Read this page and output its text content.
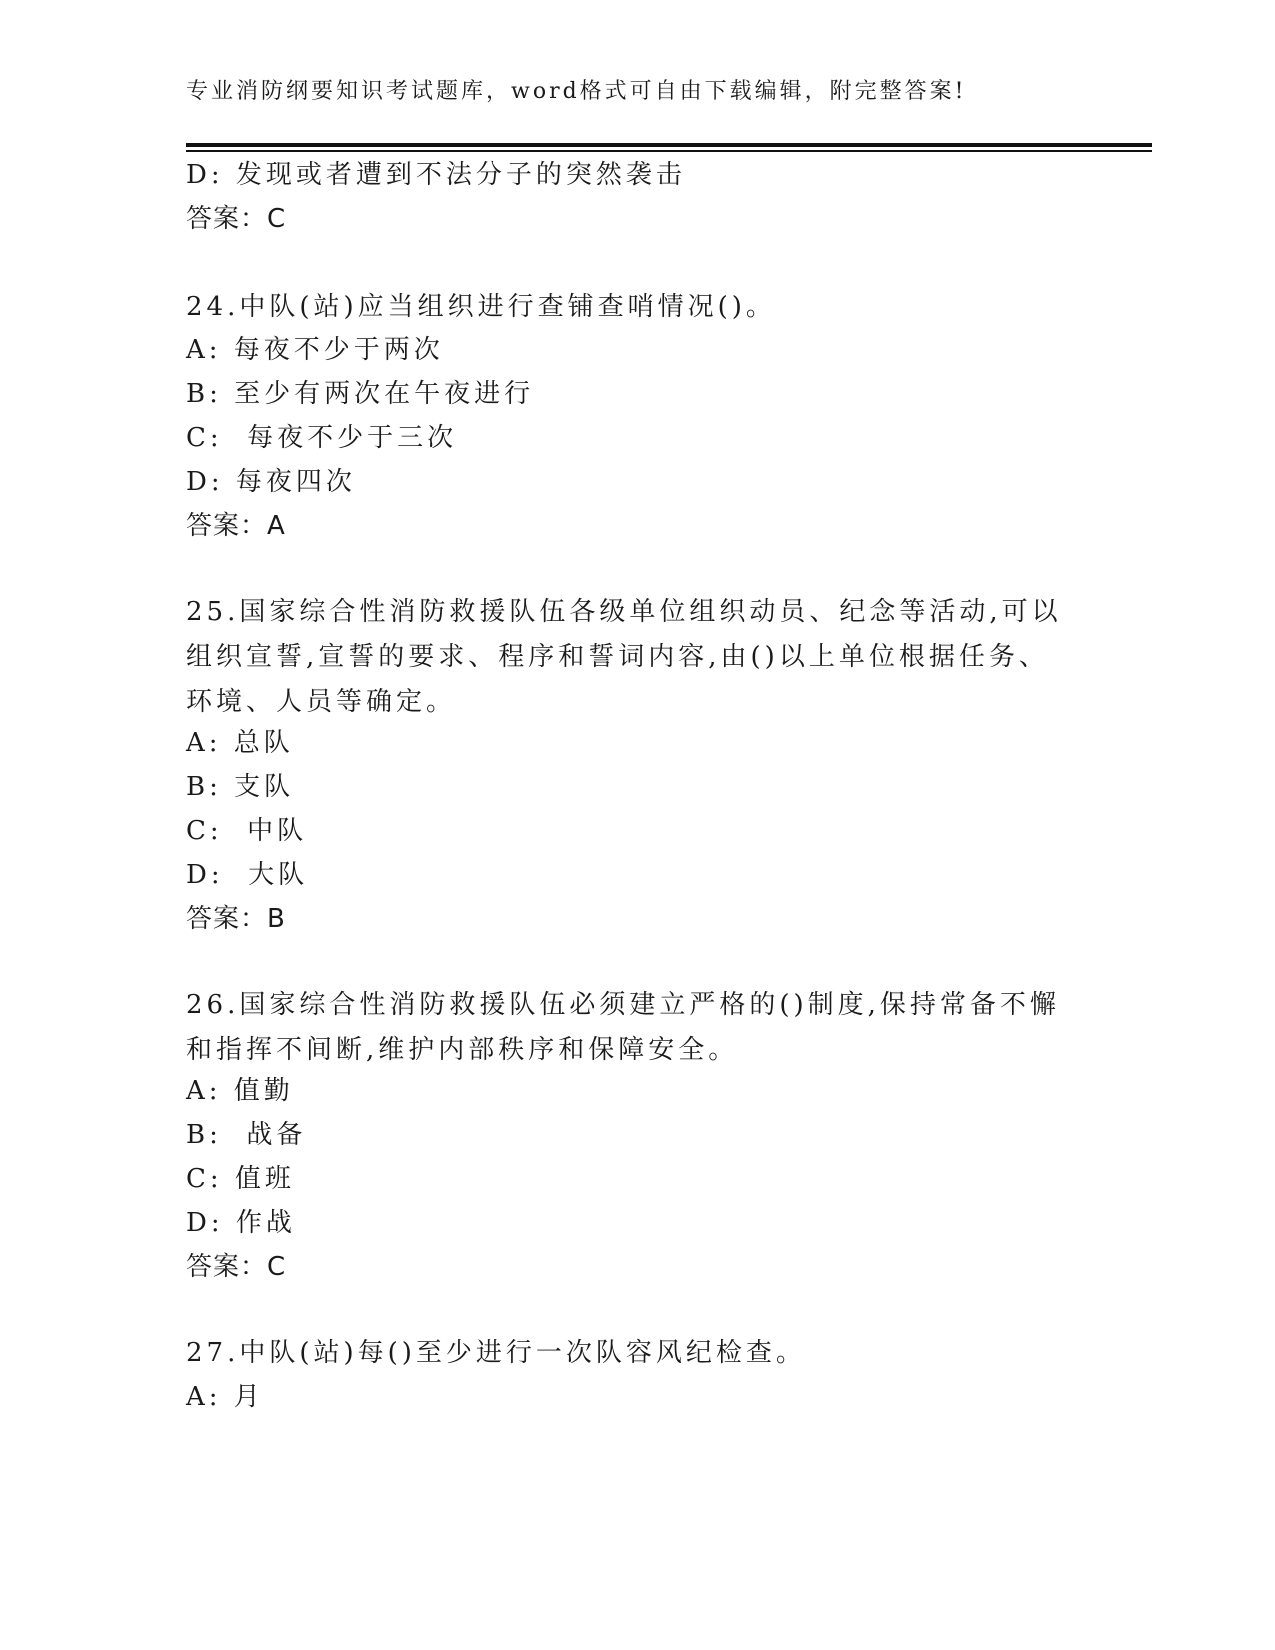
专业消防纲要知识考试题库，word格式可自由下载编辑，附完整答案!
D: 发现或者遭到不法分子的突然袭击
答案：C
24.中队(站)应当组织进行查铺查哨情况()。
A: 每夜不少于两次
B: 至少有两次在午夜进行
C:  每夜不少于三次
D: 每夜四次
答案：A
25.国家综合性消防救援队伍各级单位组织动员、纪念等活动,可以组织宣誓,宣誓的要求、程序和誓词内容,由()以上单位根据任务、环境、人员等确定。
A: 总队
B: 支队
C:  中队
D:  大队
答案：B
26.国家综合性消防救援队伍必须建立严格的()制度,保持常备不懈和指挥不间断,维护内部秩序和保障安全。
A: 值勤
B:  战备
C: 值班
D: 作战
答案：C
27.中队(站)每()至少进行一次队容风纪检查。
A: 月
